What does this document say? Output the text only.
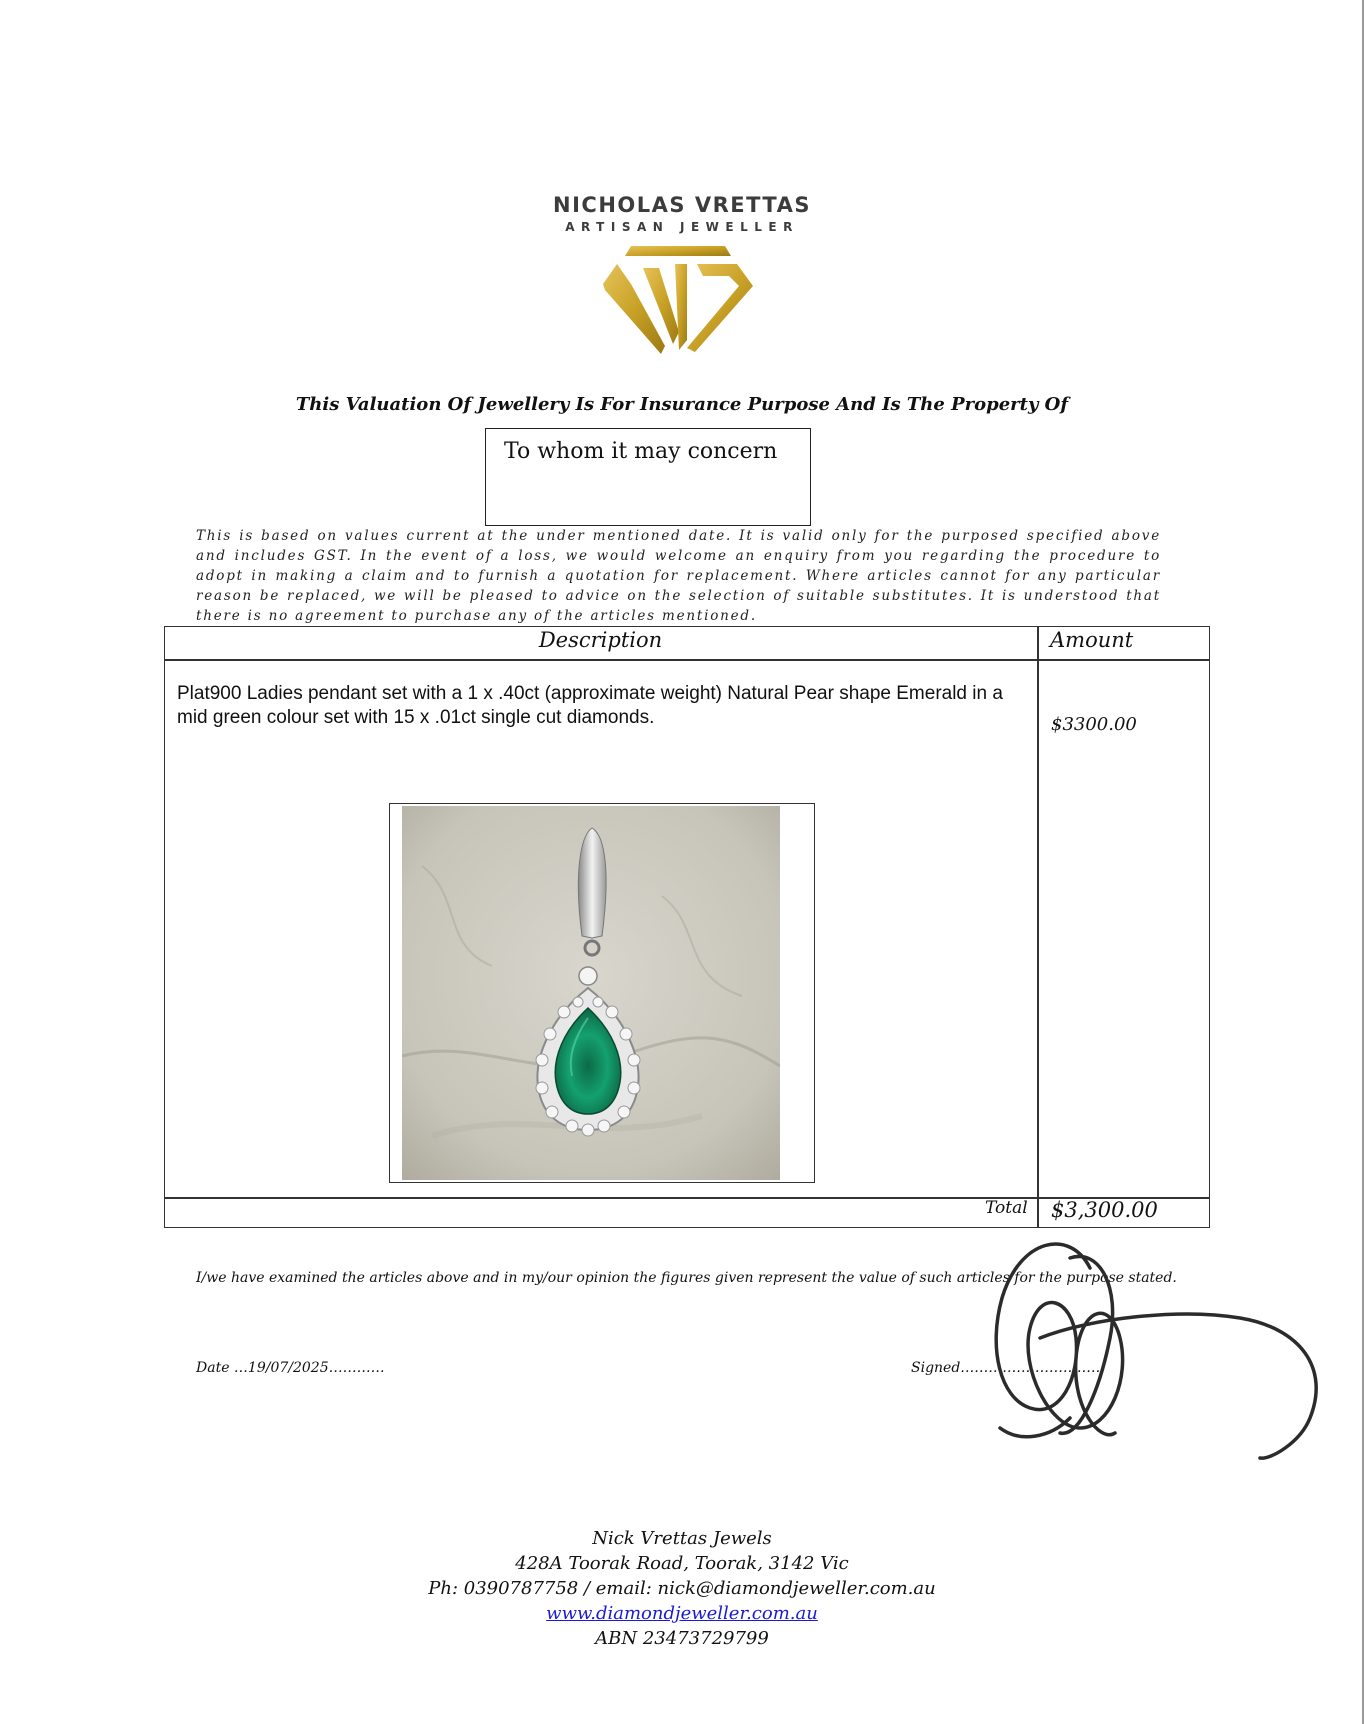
NICHOLAS VRETTAS
ARTISAN JEWELLER
This Valuation Of Jewellery Is For Insurance Purpose And Is The Property Of
To whom it may concern
This is based on values current at the under mentioned date. It is valid only for the purposed specified above and includes GST. In the event of a loss, we would welcome an enquiry from you regarding the procedure to adopt in making a claim and to furnish a quotation for replacement. Where articles cannot for any particular reason be replaced, we will be pleased to advice on the selection of suitable substitutes. It is understood that there is no agreement to purchase any of the articles mentioned.
Description	Amount
Plat900 Ladies pendant set with a 1 x .40ct (approximate weight) Natural Pear shape Emerald in a mid green colour set with 15 x .01ct single cut diamonds.	$3300.00
Total $3,300.00
I/we have examined the articles above and in my/our opinion the figures given represent the value of such articles for the purpose stated.
Date …19/07/2025…………	Signed………………………….
Nick Vrettas Jewels
428A Toorak Road, Toorak, 3142 Vic
Ph: 0390787758 / email: nick@diamondjeweller.com.au
www.diamondjeweller.com.au
ABN 23473729799
